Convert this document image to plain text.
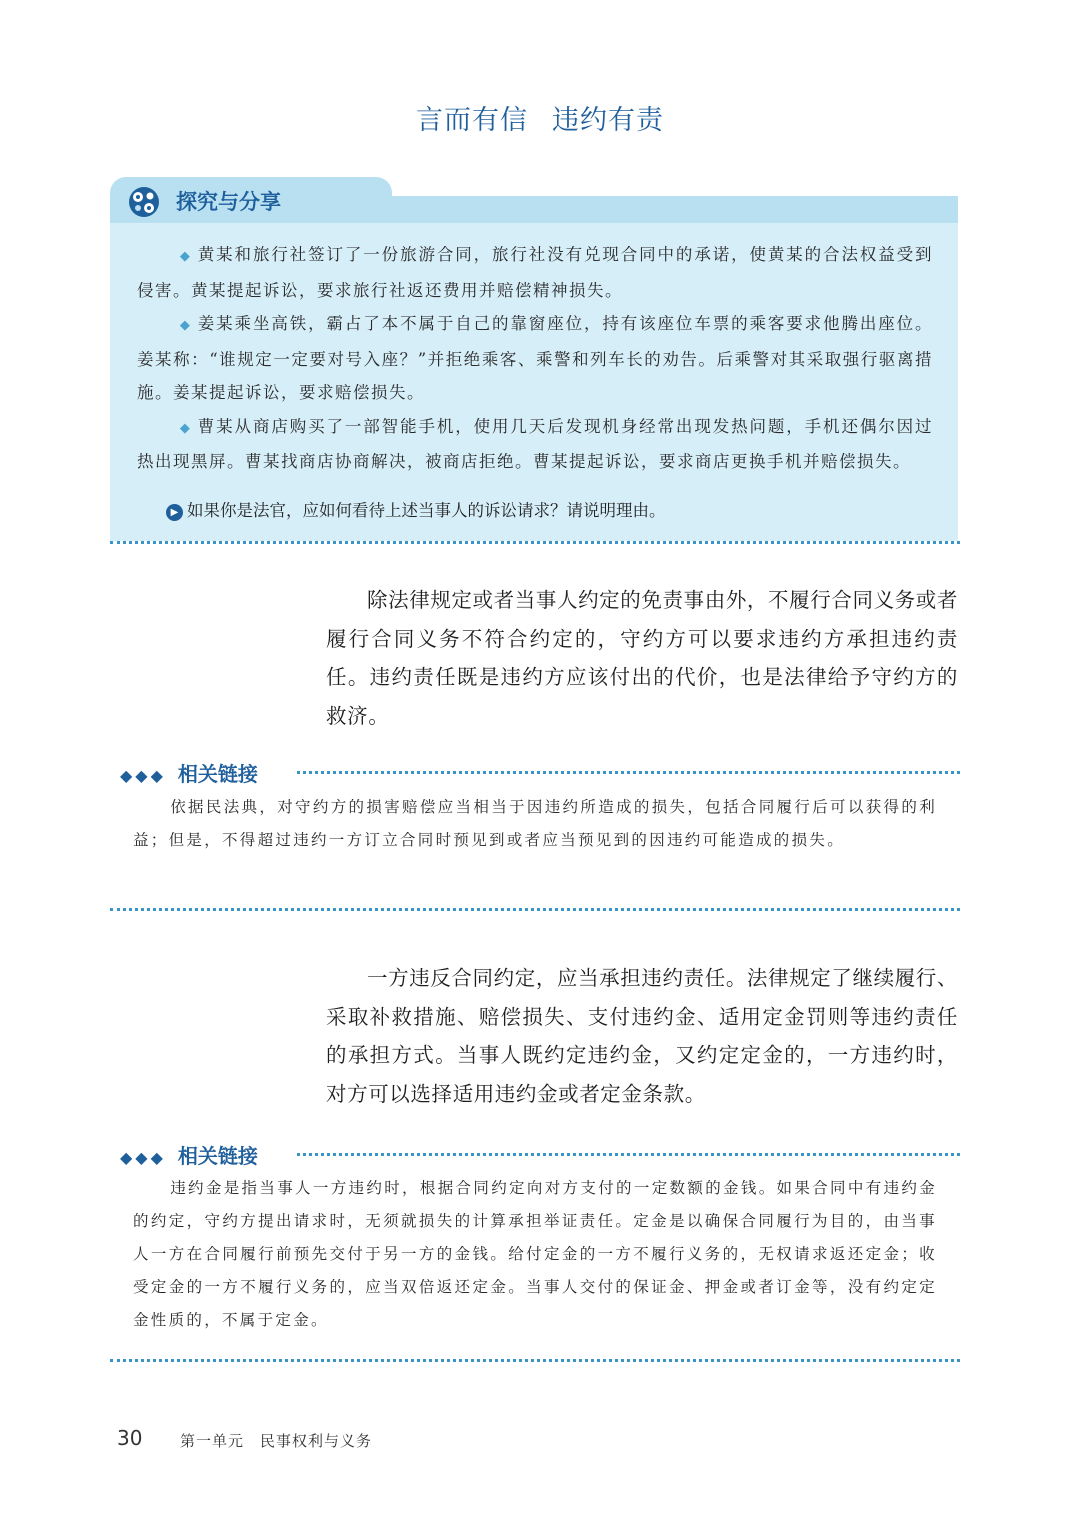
言而有信 违约有责
探究与分享

◆ 黄某和旅行社签订了一份旅游合同，旅行社没有兑现合同中的承诺，使黄某的合法权益受到侵害。黄某提起诉讼，要求旅行社返还费用并赔偿精神损失。

◆ 姜某乘坐高铁，霸占了本不属于自己的靠窗座位，持有该座位车票的乘客要求他腾出座位。姜某称：“谁规定一定要对号入座？”并拒绝乘客、乘警和列车长的劝告。后乘警对其采取强行驱离措施。姜某提起诉讼，要求赔偿损失。

◆ 曹某从商店购买了一部智能手机，使用几天后发现机身经常出现发热问题，手机还偶尔因过热出现黑屏。曹某找商店协商解决，被商店拒绝。曹某提起诉讼，要求商店更换手机并赔偿损失。

▶ 如果你是法官，应如何看待上述当事人的诉讼请求？请说明理由。

除法律规定或者当事人约定的免责事由外，不履行合同义务或者履行合同义务不符合约定的，守约方可以要求违约方承担违约责任。违约责任既是违约方应该付出的代价，也是法律给予守约方的救济。

◆◆◆ 相关链接

依据民法典，对守约方的损害赔偿应当相当于因违约所造成的损失，包括合同履行后可以获得的利益；但是，不得超过违约一方订立合同时预见到或者应当预见到的因违约可能造成的损失。

一方违反合同约定，应当承担违约责任。法律规定了继续履行、采取补救措施、赔偿损失、支付违约金、适用定金罚则等违约责任的承担方式。当事人既约定违约金，又约定定金的，一方违约时，对方可以选择适用违约金或者定金条款。

◆◆◆ 相关链接

违约金是指当事人一方违约时，根据合同约定向对方支付的一定数额的金钱。如果合同中有违约金的约定，守约方提出请求时，无须就损失的计算承担举证责任。定金是以确保合同履行为目的，由当事人一方在合同履行前预先交付于另一方的金钱。给付定金的一方不履行义务的，无权请求返还定金；收受定金的一方不履行义务的，应当双倍返还定金。当事人交付的保证金、押金或者订金等，没有约定定金性质的，不属于定金。

30	第一单元 民事权利与义务
